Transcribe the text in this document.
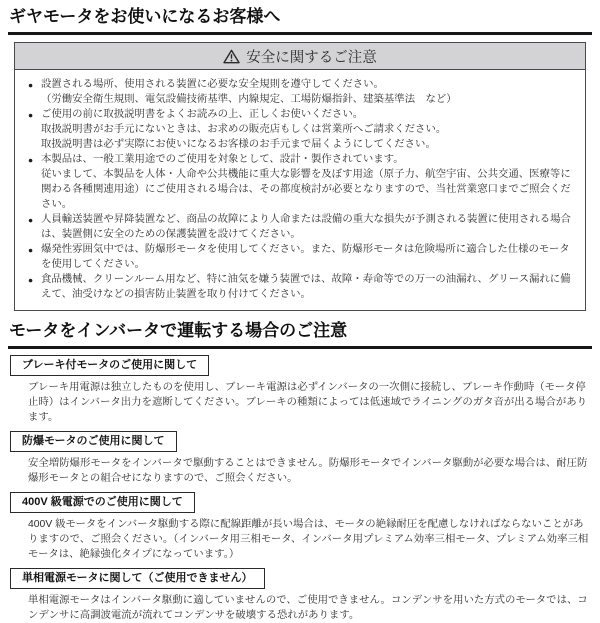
ギヤモータをお使いになるお客様へ
安全に関するご注意
● 設置される場所、使用される装置に必要な安全規則を遵守してください。
（労働安全衛生規則、電気設備技術基準、内線規定、工場防爆指針、建築基準法　など）
● ご使用の前に取扱説明書をよくお読みの上、正しくお使いください。
取扱説明書がお手元にないときは、お求めの販売店もしくは営業所へご請求ください。
取扱説明書は必ず実際にお使いになるお客様のお手元まで届くようにしてください。
● 本製品は、一般工業用途でのご使用を対象として、設計・製作されています。
従いまして、本製品を人体・人命や公共機能に重大な影響を及ぼす用途（原子力、航空宇宙、公共交通、医療等に関わる各種関連用途）にご使用される場合は、その都度検討が必要となりますので、当社営業窓口までご照会ください。
● 人員輸送装置や昇降装置など、商品の故障により人命または設備の重大な損失が予測される装置に使用される場合は、装置側に安全のための保護装置を設けてください。
● 爆発性雰囲気中では、防爆形モータを使用してください。また、防爆形モータは危険場所に適合した仕様のモータを使用してください。
● 食品機械、クリーンルーム用など、特に油気を嫌う装置では、故障・寿命等での万一の油漏れ、グリース漏れに備えて、油受けなどの損害防止装置を取り付けてください。
モータをインバータで運転する場合のご注意
ブレーキ付モータのご使用に関して
ブレーキ用電源は独立したものを使用し、ブレーキ電源は必ずインバータの一次側に接続し、ブレーキ作動時（モータ停止時）はインバータ出力を遮断してください。ブレーキの種類によっては低速域でライニングのガタ音が出る場合があります。
防爆モータのご使用に関して
安全増防爆形モータをインバータで駆動することはできません。防爆形モータでインバータ駆動が必要な場合は、耐圧防爆形モータとの組合せになりますので、ご照会ください。
400V 級電源でのご使用に関して
400V 級モータをインバータ駆動する際に配線距離が長い場合は、モータの絶縁耐圧を配慮しなければならないことがありますので、ご照会ください。（インバータ用三相モータ、インバータ用プレミアム効率三相モータ、プレミアム効率三相モータは、絶縁強化タイプになっています。）
単相電源モータに関して（ご使用できません）
単相電源モータはインバータ駆動に適していませんので、ご使用できません。コンデンサを用いた方式のモータでは、コンデンサに高調波電流が流れてコンデンサを破壊する恐れがあります。
